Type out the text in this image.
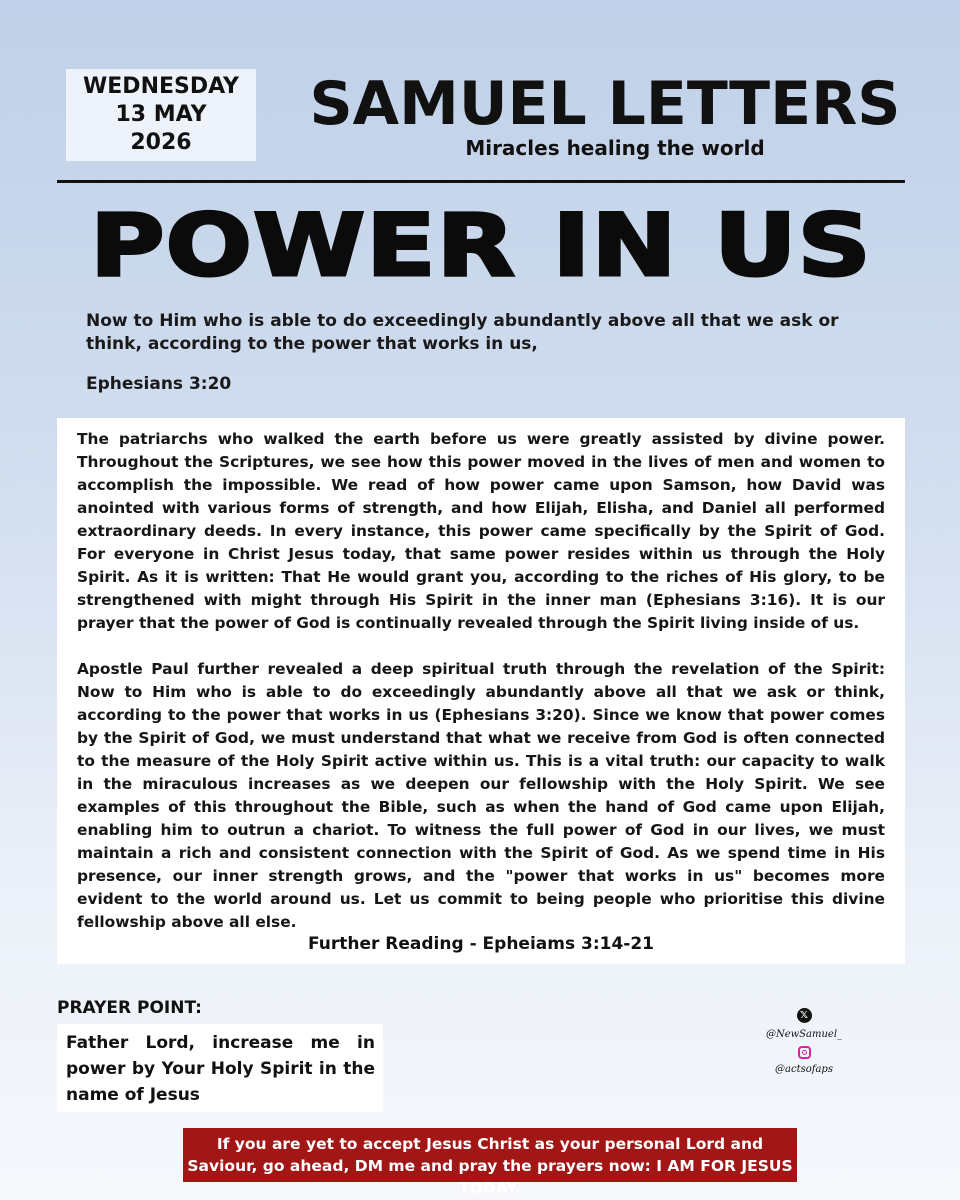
WEDNESDAY
13 MAY
2026
SAMUEL LETTERS
Miracles healing the world
POWER IN US
Now to Him who is able to do exceedingly abundantly above all that we ask or think, according to the power that works in us,
Ephesians 3:20

The patriarchs who walked the earth before us were greatly assisted by divine power. Throughout the Scriptures, we see how this power moved in the lives of men and women to accomplish the impossible. We read of how power came upon Samson, how David was anointed with various forms of strength, and how Elijah, Elisha, and Daniel all performed extraordinary deeds. In every instance, this power came specifically by the Spirit of God. For everyone in Christ Jesus today, that same power resides within us through the Holy Spirit. As it is written: That He would grant you, according to the riches of His glory, to be strengthened with might through His Spirit in the inner man (Ephesians 3:16). It is our prayer that the power of God is continually revealed through the Spirit living inside of us.

Apostle Paul further revealed a deep spiritual truth through the revelation of the Spirit: Now to Him who is able to do exceedingly abundantly above all that we ask or think, according to the power that works in us (Ephesians 3:20). Since we know that power comes by the Spirit of God, we must understand that what we receive from God is often connected to the measure of the Holy Spirit active within us. This is a vital truth: our capacity to walk in the miraculous increases as we deepen our fellowship with the Holy Spirit. We see examples of this throughout the Bible, such as when the hand of God came upon Elijah, enabling him to outrun a chariot. To witness the full power of God in our lives, we must maintain a rich and consistent connection with the Spirit of God. As we spend time in His presence, our inner strength grows, and the "power that works in us" becomes more evident to the world around us. Let us commit to being people who prioritise this divine fellowship above all else.

Further Reading - Epheiams 3:14-21
PRAYER POINT:
Father Lord, increase me in power by Your Holy Spirit in the name of Jesus
𝕏
@NewSamuel_
@actsofaps
If you are yet to accept Jesus Christ as your personal Lord and Saviour, go ahead, DM me and pray the prayers now: I AM FOR JESUS TODAY.
